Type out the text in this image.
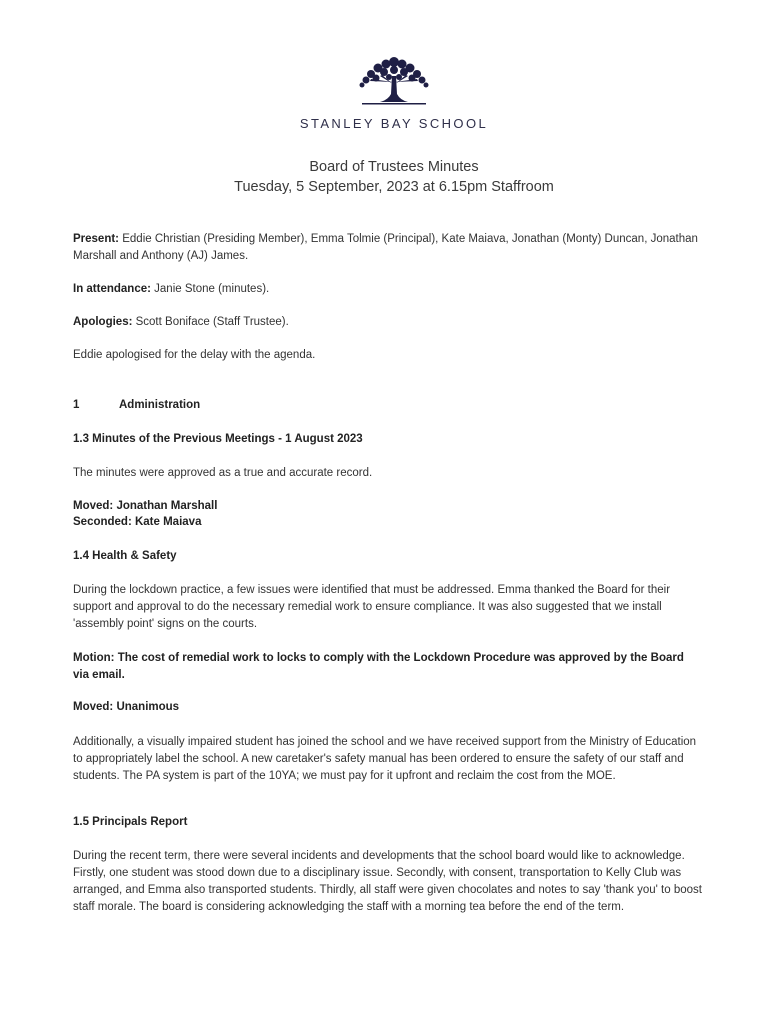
STANLEY BAY SCHOOL
Board of Trustees Minutes
Tuesday, 5 September, 2023 at 6.15pm Staffroom
Present: Eddie Christian (Presiding Member), Emma Tolmie (Principal), Kate Maiava, Jonathan (Monty) Duncan, Jonathan Marshall and Anthony (AJ) James.
In attendance: Janie Stone (minutes).
Apologies: Scott Boniface (Staff Trustee).
Eddie apologised for the delay with the agenda.
1	Administration
1.3 Minutes of the Previous Meetings - 1 August 2023
The minutes were approved as a true and accurate record.
Moved: Jonathan Marshall
Seconded: Kate Maiava
1.4 Health & Safety
During the lockdown practice, a few issues were identified that must be addressed. Emma thanked the Board for their support and approval to do the necessary remedial work to ensure compliance. It was also suggested that we install 'assembly point' signs on the courts.
Motion: The cost of remedial work to locks to comply with the Lockdown Procedure was approved by the Board via email.
Moved: Unanimous
Additionally, a visually impaired student has joined the school and we have received support from the Ministry of Education to appropriately label the school. A new caretaker's safety manual has been ordered to ensure the safety of our staff and students. The PA system is part of the 10YA; we must pay for it upfront and reclaim the cost from the MOE.
1.5 Principals Report
During the recent term, there were several incidents and developments that the school board would like to acknowledge. Firstly, one student was stood down due to a disciplinary issue. Secondly, with consent, transportation to Kelly Club was arranged, and Emma also transported students. Thirdly, all staff were given chocolates and notes to say 'thank you' to boost staff morale. The board is considering acknowledging the staff with a morning tea before the end of the term.
